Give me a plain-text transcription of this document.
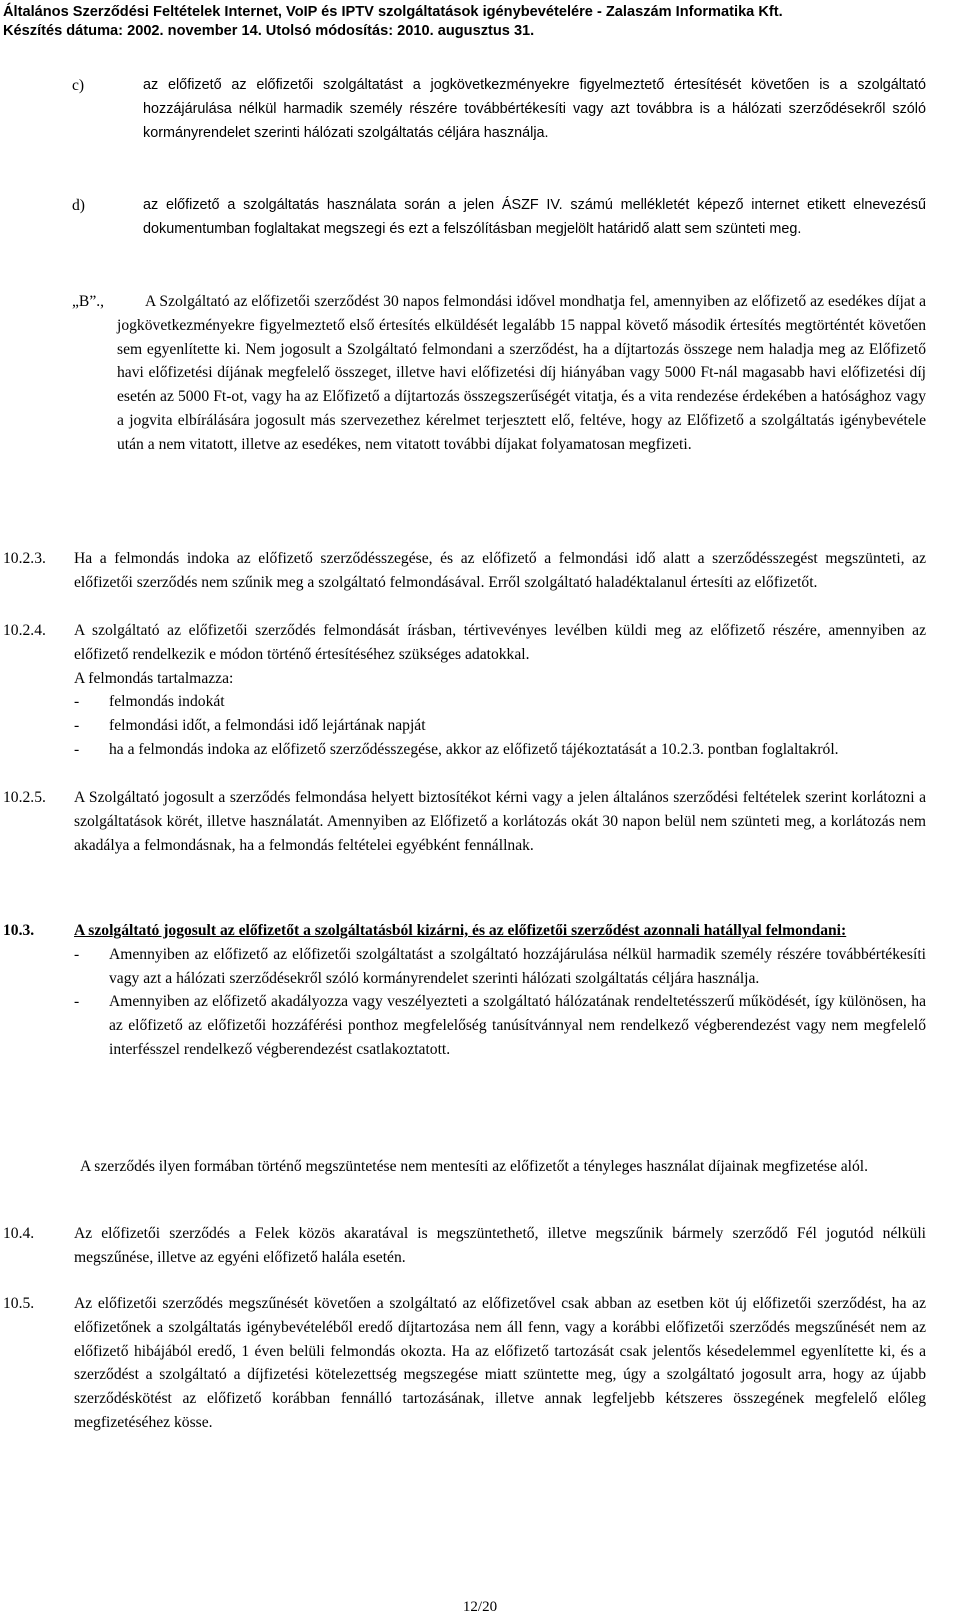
Általános Szerződési Feltételek Internet, VoIP és IPTV szolgáltatások igénybevételére - Zalaszám Informatika Kft.
Készítés dátuma: 2002. november 14. Utolsó módosítás: 2010. augusztus 31.
c)	az előfizető az előfizetői szolgáltatást a jogkövetkezményekre figyelmeztető értesítését követően is a szolgáltató hozzájárulása nélkül harmadik személy részére továbbértékesíti vagy azt továbbra is a hálózati szerződésekről szóló kormányrendelet szerinti hálózati szolgáltatás céljára használja.

d)	az előfizető a szolgáltatás használata során a jelen ÁSZF IV. számú mellékletét képező internet etikett elnevezésű dokumentumban foglaltakat megszegi és ezt a felszólításban megjelölt határidő alatt sem szünteti meg.

„B”.,	A Szolgáltató az előfizetői szerződést 30 napos felmondási idővel mondhatja fel, amennyiben az előfizető az esedékes díjat a jogkövetkezményekre figyelmeztető első értesítés elküldését legalább 15 nappal követő második értesítés megtörténtét követően sem egyenlítette ki. Nem jogosult a Szolgáltató felmondani a szerződést, ha a díjtartozás összege nem haladja meg az Előfizető havi előfizetési díjának megfelelő összeget, illetve havi előfizetési díj hiányában vagy 5000 Ft-nál magasabb havi előfizetési díj esetén az 5000 Ft-ot, vagy ha az Előfizető a díjtartozás összegszerűségét vitatja, és a vita rendezése érdekében a hatósághoz vagy a jogvita elbírálására jogosult más szervezethez kérelmet terjesztett elő, feltéve, hogy az Előfizető a szolgáltatás igénybevétele után a nem vitatott, illetve az esedékes, nem vitatott további díjakat folyamatosan megfizeti.

10.2.3. Ha a felmondás indoka az előfizető szerződésszegése, és az előfizető a felmondási idő alatt a szerződésszegést megszünteti, az előfizetői szerződés nem szűnik meg a szolgáltató felmondásával. Erről szolgáltató haladéktalanul értesíti az előfizetőt.

10.2.4. A szolgáltató az előfizetői szerződés felmondását írásban, tértivevényes levélben küldi meg az előfizető részére, amennyiben az előfizető rendelkezik e módon történő értesítéséhez szükséges adatokkal.

A felmondás tartalmazza:

- felmondás indokát
- felmondási időt, a felmondási idő lejártának napját
- ha a felmondás indoka az előfizető szerződésszegése, akkor az előfizető tájékoztatását a 10.2.3. pontban foglaltakról.
10.2.5. A Szolgáltató jogosult a szerződés felmondása helyett biztosítékot kérni vagy a jelen általános szerződési feltételek szerint korlátozni a szolgáltatások körét, illetve használatát. Amennyiben az Előfizető a korlátozás okát 30 napon belül nem szünteti meg, a korlátozás nem akadálya a felmondásnak, ha a felmondás feltételei egyébként fennállnak.

10.3.	A szolgáltató jogosult az előfizetőt a szolgáltatásból kizárni, és az előfizetői szerződést azonnali hatállyal felmondani:

- Amennyiben az előfizető az előfizetői szolgáltatást a szolgáltató hozzájárulása nélkül harmadik személy részére továbbértékesíti vagy azt a hálózati szerződésekről szóló kormányrendelet szerinti hálózati szolgáltatás céljára használja.
- Amennyiben az előfizető akadályozza vagy veszélyezteti a szolgáltató hálózatának rendeltetésszerű működését, így különösen, ha az előfizető az előfizetői hozzáférési ponthoz megfelelőség tanúsítvánnyal nem rendelkező végberendezést vagy nem megfelelő interfésszel rendelkező végberendezést csatlakoztatott.

A szerződés ilyen formában történő megszüntetése nem mentesíti az előfizetőt a tényleges használat díjainak megfizetése alól.

10.4.	Az előfizetői szerződés a Felek közös akaratával is megszüntethető, illetve megszűnik bármely szerződő Fél jogutód nélküli megszűnése, illetve az egyéni előfizető halála esetén.

10.5.	Az előfizetői szerződés megszűnését követően a szolgáltató az előfizetővel csak abban az esetben köt új előfizetői szerződést, ha az előfizetőnek a szolgáltatás igénybevételéből eredő díjtartozása nem áll fenn, vagy a korábbi előfizetői szerződés megszűnését nem az előfizető hibájából eredő, 1 éven belüli felmondás okozta. Ha az előfizető tartozását csak jelentős késedelemmel egyenlítette ki, és a szerződést a szolgáltató a díjfizetési kötelezettség megszegése miatt szüntette meg, úgy a szolgáltató jogosult arra, hogy az újabb szerződéskötést az előfizető korábban fennálló tartozásának, illetve annak legfeljebb kétszeres összegének megfelelő előleg megfizetéséhez kösse.

12/20
